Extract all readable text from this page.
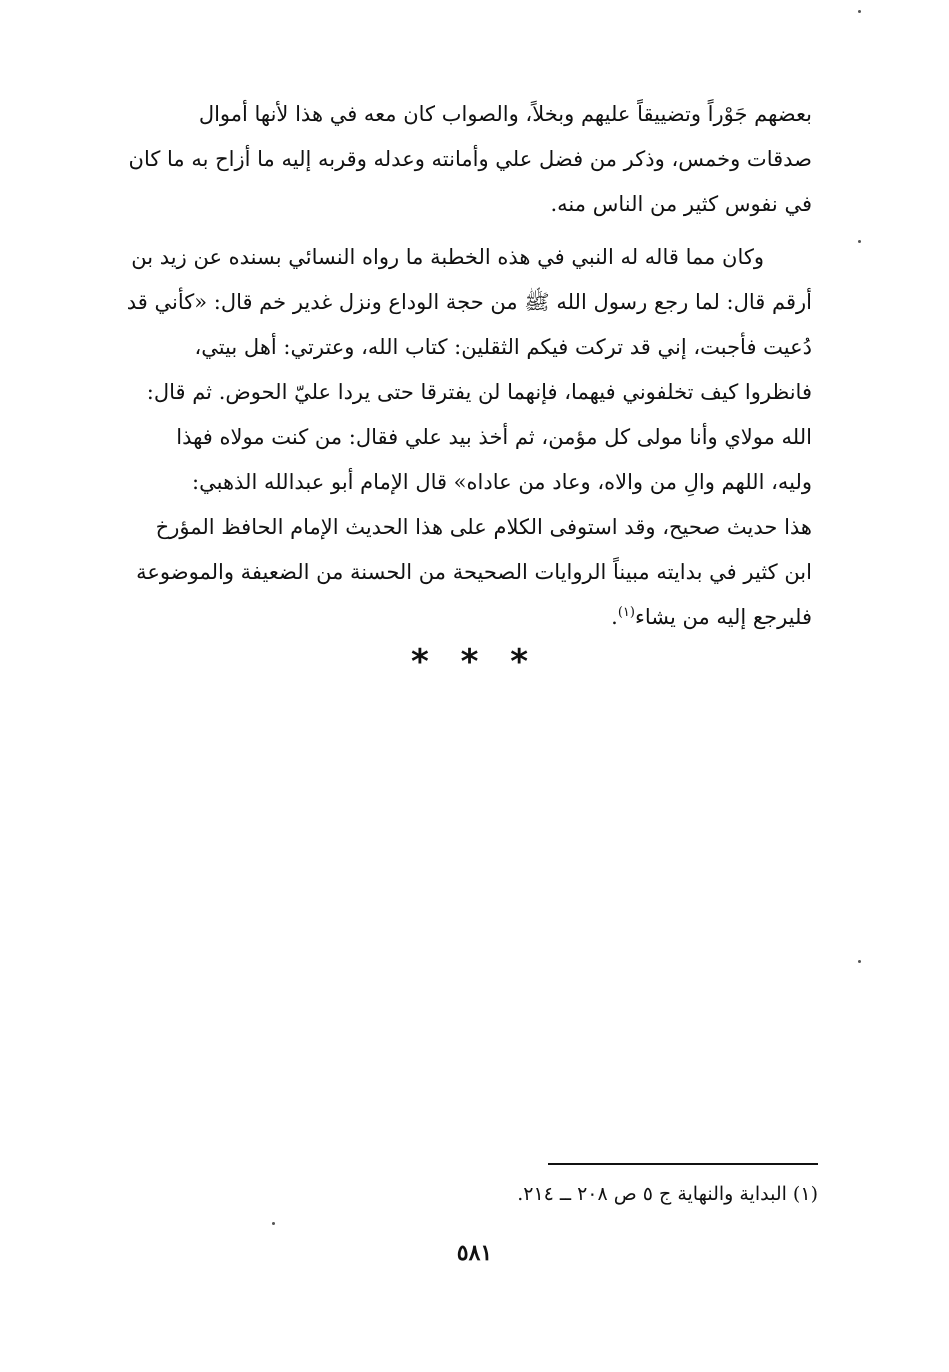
بعضهم جَوْراً وتضييقاً عليهم وبخلاً، والصواب كان معه في هذا لأنها أموال
صدقات وخمس، وذكر من فضل علي وأمانته وعدله وقربه إليه ما أزاح به ما كان
في نفوس كثير من الناس منه.
وكان مما قاله له النبي في هذه الخطبة ما رواه النسائي بسنده عن زيد بن
أرقم قال: لما رجع رسول الله ﷺ من حجة الوداع ونزل غدير خم قال: «كأني قد
دُعيت فأجبت، إني قد تركت فيكم الثقلين: كتاب الله، وعترتي: أهل بيتي،
فانظروا كيف تخلفوني فيهما، فإنهما لن يفترقا حتى يردا عليّ الحوض. ثم قال:
الله مولاي وأنا مولى كل مؤمن، ثم أخذ بيد علي فقال: من كنت مولاه فهذا
وليه، اللهم والِ من والاه، وعاد من عاداه» قال الإمام أبو عبدالله الذهبي:
هذا حديث صحيح، وقد استوفى الكلام على هذا الحديث الإمام الحافظ المؤرخ
ابن كثير في بدايته مبيناً الروايات الصحيحة من الحسنة من الضعيفة والموضوعة
فليرجع إليه من يشاء$^{(١)}$.
* * *
(١) البداية والنهاية ج ٥ ص ٢٠٨ ــ ٢١٤.
٥٨١
